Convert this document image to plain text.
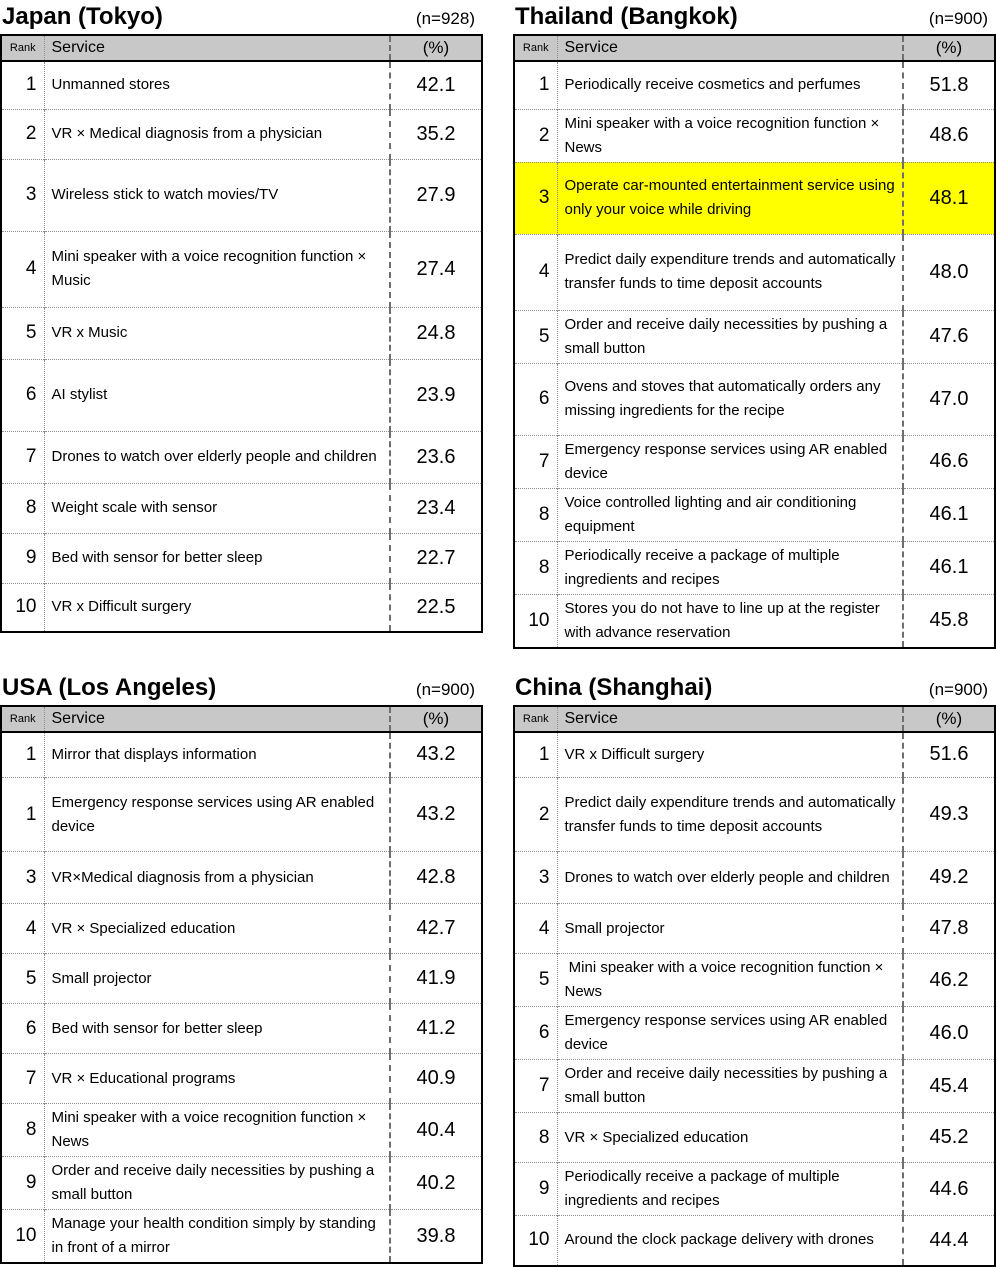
Japan (Tokyo)	(n=928)
Rank	Service	(%)
1	Unmanned stores	42.1
2	VR × Medical diagnosis from a physician	35.2
3	Wireless stick to watch movies/TV	27.9
4	Mini speaker with a voice recognition function × Music	27.4
5	VR x Music	24.8
6	AI stylist	23.9
7	Drones to watch over elderly people and children	23.6
8	Weight scale with sensor	23.4
9	Bed with sensor for better sleep	22.7
10	VR x Difficult surgery	22.5
Thailand (Bangkok)	(n=900)
Rank	Service	(%)
1	Periodically receive cosmetics and perfumes	51.8
2	Mini speaker with a voice recognition function × News	48.6
3	Operate car-mounted entertainment service using only your voice while driving	48.1
4	Predict daily expenditure trends and automatically transfer funds to time deposit accounts	48.0
5	Order and receive daily necessities by pushing a small button	47.6
6	Ovens and stoves that automatically orders any missing ingredients for the recipe	47.0
7	Emergency response services using AR enabled device	46.6
8	Voice controlled lighting and air conditioning equipment	46.1
8	Periodically receive a package of multiple ingredients and recipes	46.1
10	Stores you do not have to line up at the register with advance reservation	45.8
USA (Los Angeles)	(n=900)
Rank	Service	(%)
1	Mirror that displays information	43.2
1	Emergency response services using AR enabled device	43.2
3	VR×Medical diagnosis from a physician	42.8
4	VR × Specialized education	42.7
5	Small projector	41.9
6	Bed with sensor for better sleep	41.2
7	VR × Educational programs	40.9
8	Mini speaker with a voice recognition function × News	40.4
9	Order and receive daily necessities by pushing a small button	40.2
10	Manage your health condition simply by standing in front of a mirror	39.8
China (Shanghai)	(n=900)
Rank	Service	(%)
1	VR x Difficult surgery	51.6
2	Predict daily expenditure trends and automatically transfer funds to time deposit accounts	49.3
3	Drones to watch over elderly people and children	49.2
4	Small projector	47.8
5	Mini speaker with a voice recognition function × News	46.2
6	Emergency response services using AR enabled device	46.0
7	Order and receive daily necessities by pushing a small button	45.4
8	VR × Specialized education	45.2
9	Periodically receive a package of multiple ingredients and recipes	44.6
10	Around the clock package delivery with drones	44.4
